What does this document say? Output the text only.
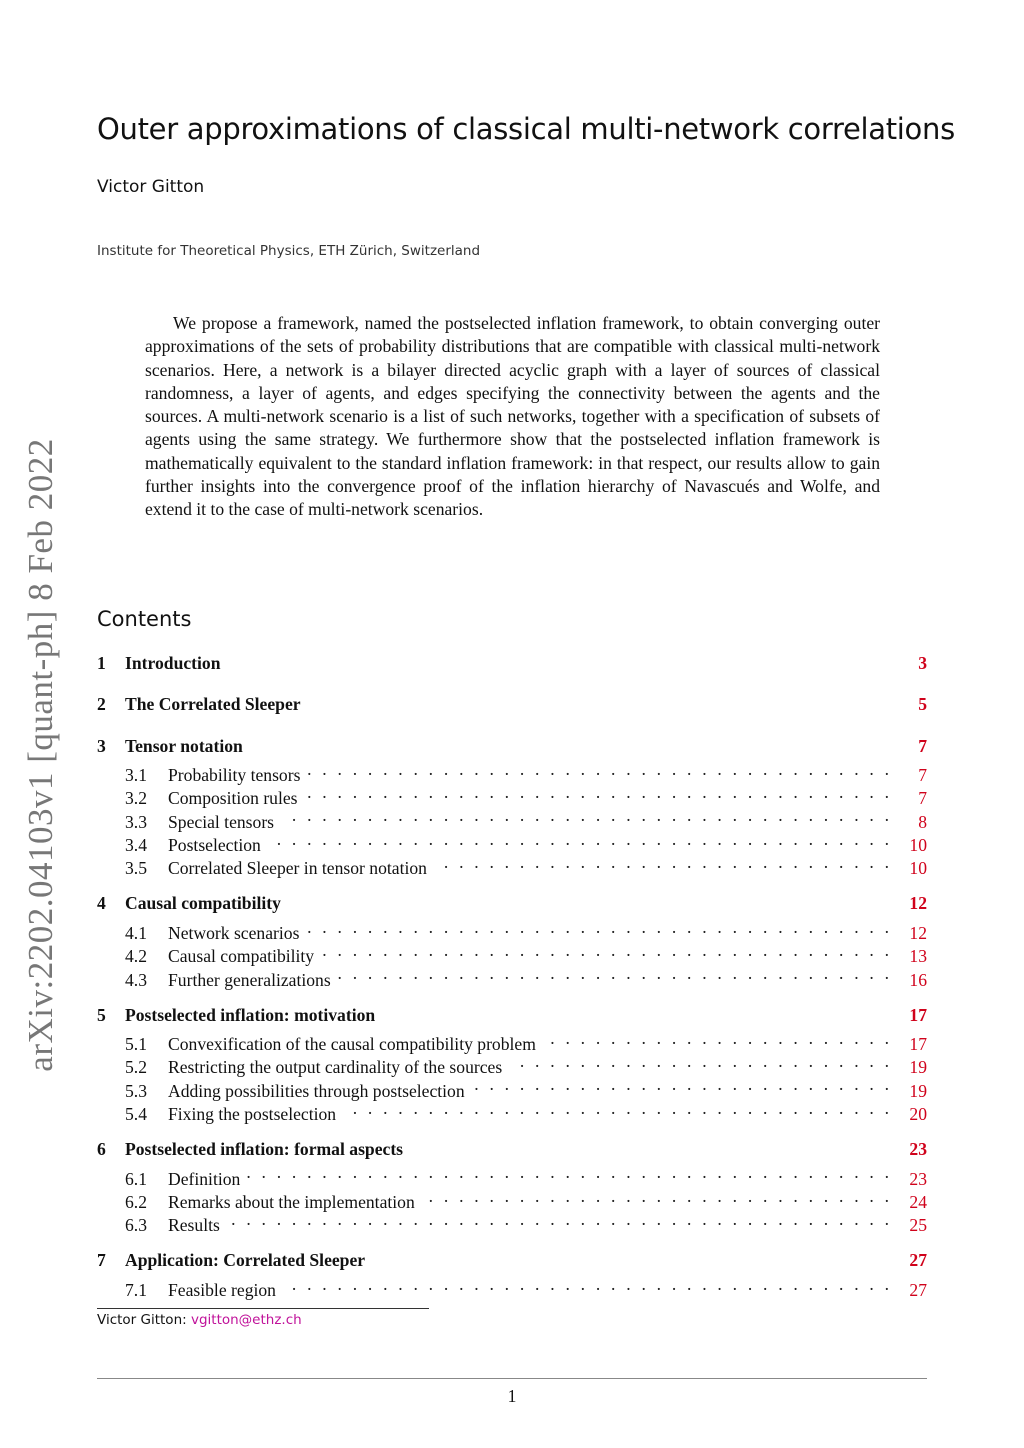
Outer approximations of classical multi-network correlations
Victor Gitton
Institute for Theoretical Physics, ETH Zürich, Switzerland
arXiv:2202.04103v1 [quant-ph] 8 Feb 2022

We propose a framework, named the postselected inflation framework, to obtain converging outer approximations of the sets of probability distributions that are compatible with classical multi-network scenarios. Here, a network is a bilayer directed acyclic graph with a layer of sources of classical randomness, a layer of agents, and edges specifying the connectivity between the agents and the sources. A multi-network scenario is a list of such networks, together with a specification of subsets of agents using the same strategy. We furthermore show that the postselected inflation framework is mathematically equivalent to the standard inflation framework: in that respect, our results allow to gain further insights into the convergence proof of the inflation hierarchy of Navascués and Wolfe, and extend it to the case of multi-network scenarios.

Contents
1	Introduction	3
2	The Correlated Sleeper	5
3	Tensor notation	7
3.1	Probability tensors . . .	7
3.2	Composition rules . . .	7
3.3	Special tensors . . .	8
3.4	Postselection . . .	10
3.5	Correlated Sleeper in tensor notation . . .	10
4	Causal compatibility	12
4.1	Network scenarios . . .	12
4.2	Causal compatibility . . .	13
4.3	Further generalizations . . .	16
5	Postselected inflation: motivation	17
5.1	Convexification of the causal compatibility problem . . .	17
5.2	Restricting the output cardinality of the sources . . .	19
5.3	Adding possibilities through postselection . . .	19
5.4	Fixing the postselection . . .	20
6	Postselected inflation: formal aspects	23
6.1	Definition . . .	23
6.2	Remarks about the implementation . . .	24
6.3	Results . . .	25
7	Application: Correlated Sleeper	27
7.1	Feasible region . . .	27
Victor Gitton: vgitton@ethz.ch
1
